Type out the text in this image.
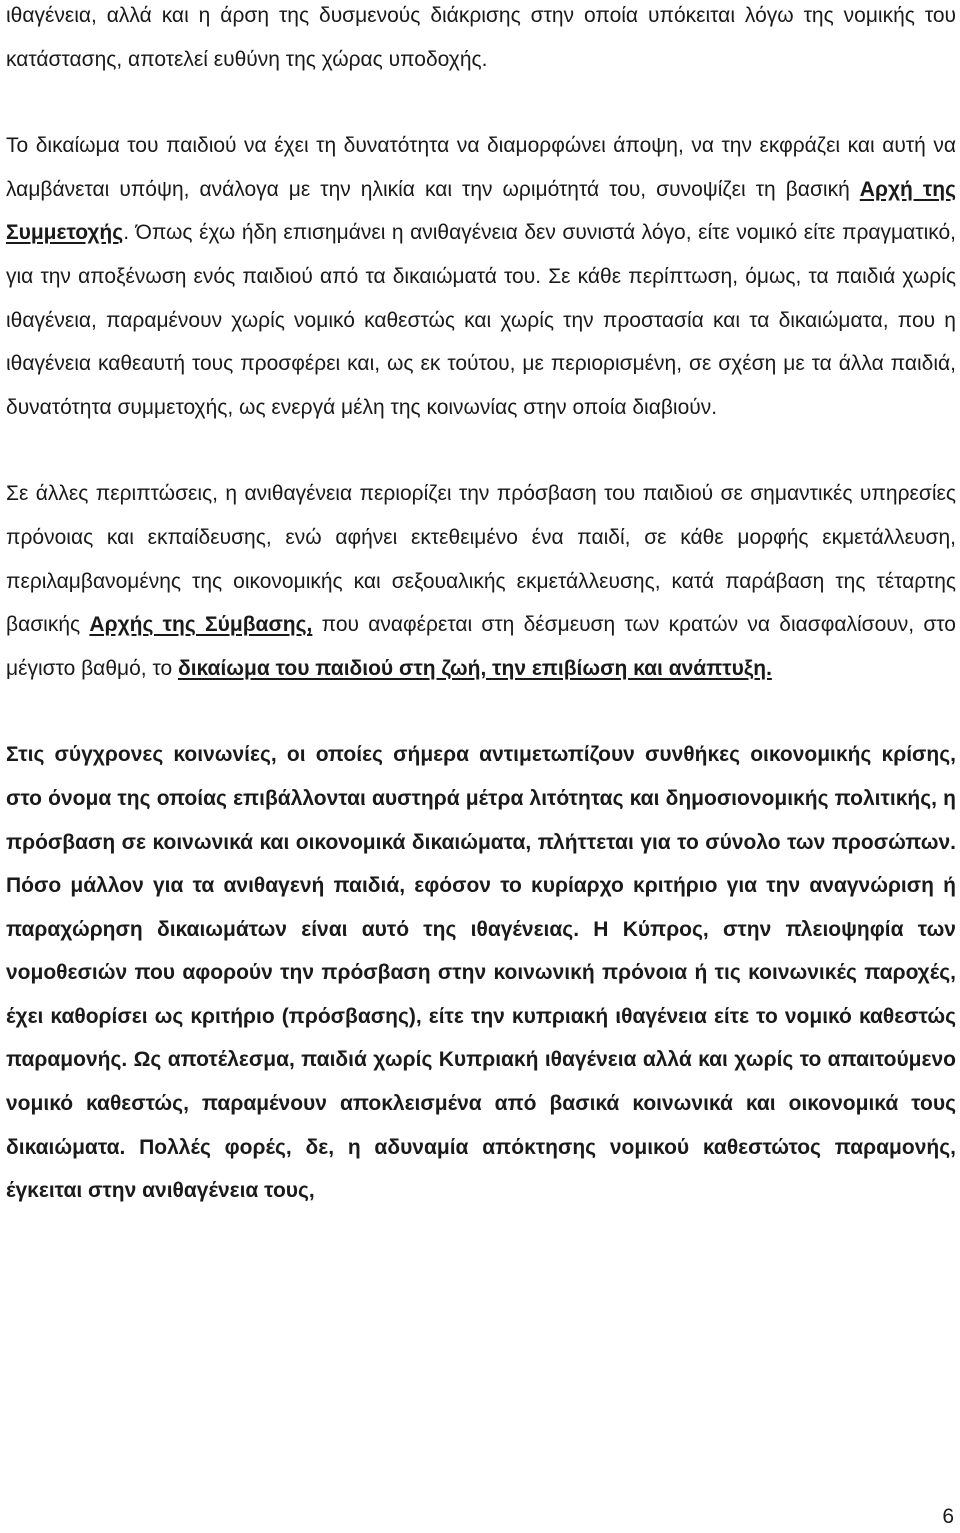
ιθαγένεια, αλλά και η άρση της δυσμενούς διάκρισης στην οποία υπόκειται λόγω της νομικής του κατάστασης, αποτελεί ευθύνη της χώρας υποδοχής.

Το δικαίωμα του παιδιού να έχει τη δυνατότητα να διαμορφώνει άποψη, να την εκφράζει και αυτή να λαμβάνεται υπόψη, ανάλογα με την ηλικία και την ωριμότητά του, συνοψίζει τη βασική Αρχή της Συμμετοχής. Όπως έχω ήδη επισημάνει η ανιθαγένεια δεν συνιστά λόγο, είτε νομικό είτε πραγματικό, για την αποξένωση ενός παιδιού από τα δικαιώματά του. Σε κάθε περίπτωση, όμως, τα παιδιά χωρίς ιθαγένεια, παραμένουν χωρίς νομικό καθεστώς και χωρίς την προστασία και τα δικαιώματα, που η ιθαγένεια καθεαυτή τους προσφέρει και, ως εκ τούτου, με περιορισμένη, σε σχέση με τα άλλα παιδιά, δυνατότητα συμμετοχής, ως ενεργά μέλη της κοινωνίας στην οποία διαβιούν.

Σε άλλες περιπτώσεις, η ανιθαγένεια περιορίζει την πρόσβαση του παιδιού σε σημαντικές υπηρεσίες πρόνοιας και εκπαίδευσης, ενώ αφήνει εκτεθειμένο ένα παιδί, σε κάθε μορφής εκμετάλλευση, περιλαμβανομένης της οικονομικής και σεξουαλικής εκμετάλλευσης, κατά παράβαση της τέταρτης βασικής Αρχής της Σύμβασης, που αναφέρεται στη δέσμευση των κρατών να διασφαλίσουν, στο μέγιστο βαθμό, το δικαίωμα του παιδιού στη ζωή, την επιβίωση και ανάπτυξη.

Στις σύγχρονες κοινωνίες, οι οποίες σήμερα αντιμετωπίζουν συνθήκες οικονομικής κρίσης, στο όνομα της οποίας επιβάλλονται αυστηρά μέτρα λιτότητας και δημοσιονομικής πολιτικής, η πρόσβαση σε κοινωνικά και οικονομικά δικαιώματα, πλήττεται για το σύνολο των προσώπων. Πόσο μάλλον για τα ανιθαγενή παιδιά, εφόσον το κυρίαρχο κριτήριο για την αναγνώριση ή παραχώρηση δικαιωμάτων είναι αυτό της ιθαγένειας. Η Κύπρος, στην πλειοψηφία των νομοθεσιών που αφορούν την πρόσβαση στην κοινωνική πρόνοια ή τις κοινωνικές παροχές, έχει καθορίσει ως κριτήριο (πρόσβασης), είτε την κυπριακή ιθαγένεια είτε το νομικό καθεστώς παραμονής. Ως αποτέλεσμα, παιδιά χωρίς Κυπριακή ιθαγένεια αλλά και χωρίς το απαιτούμενο νομικό καθεστώς, παραμένουν αποκλεισμένα από βασικά κοινωνικά και οικονομικά τους δικαιώματα. Πολλές φορές, δε, η αδυναμία απόκτησης νομικού καθεστώτος παραμονής, έγκειται στην ανιθαγένεια τους,

6
